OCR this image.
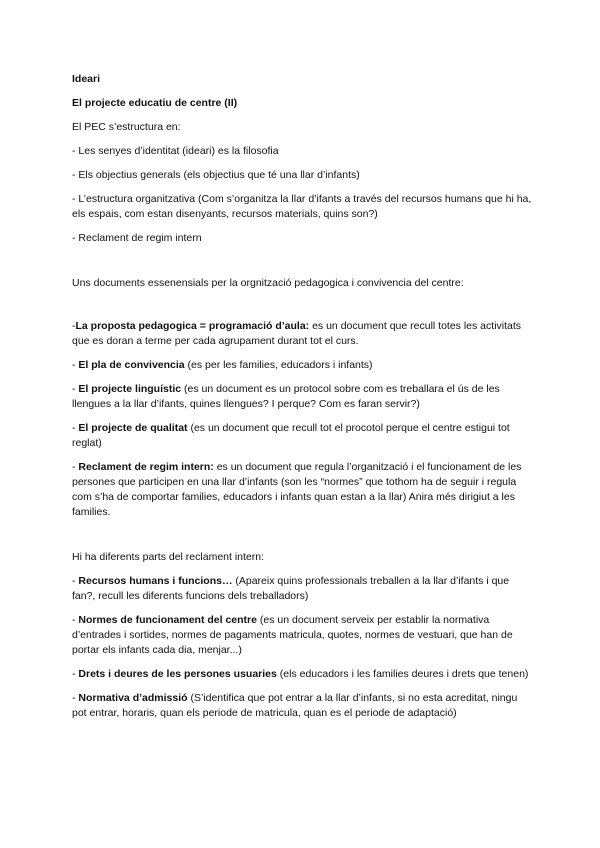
Ideari

El projecte educatiu de centre (II)

El PEC s’estructura en:

- Les senyes d’identitat (ideari) es la filosofia

- Els objectius generals (els objectius que té una llar d’infants)

- L’estructura organitzativa (Com s’organitza la llar d’ifants a través del recursos humans que hi ha, els espais, com estan disenyants, recursos materials, quins son?)

- Reclament de regim intern

Uns documents essenensials per la orgnització pedagogica i convivencia del centre:

-La proposta pedagogica = programació d’aula: es un document que recull totes les activitats que es doran a terme per cada agrupament durant tot el curs.

- El pla de convivencia (es per les families, educadors i infants)

- El projecte linguístic (es un document es un protocol sobre com es treballara el ús de les llengues a la llar d’ifants, quines llengues? I perque? Com es faran servir?)

- El projecte de qualitat (es un document que recull tot el procotol perque el centre estigui tot reglat)

- Reclament de regim intern: es un document que regula l’organització i el funcionament de les persones que participen en una llar d’infants (son les “normes” que tothom ha de seguir i regula com s’ha de comportar families, educadors i infants quan estan a la llar) Anira més dirigiut a les families.

Hi ha diferents parts del reclament intern:

- Recursos humans i funcions… (Apareix quins professionals treballen a la llar d’ifants i que fan?, recull les diferents funcions dels treballadors)

- Normes de funcionament del centre (es un document serveix per establir la normativa d’entrades i sortides, normes de pagaments matricula, quotes, normes de vestuari, que han de portar els infants cada dia, menjar...)

- Drets i deures de les persones usuaries (els educadors i les families deures i drets que tenen)

- Normativa d’admissió (S’identifica que pot entrar a la llar d’infants, si no esta acreditat, ningu pot entrar, horaris, quan els periode de matricula, quan es el periode de adaptació)
